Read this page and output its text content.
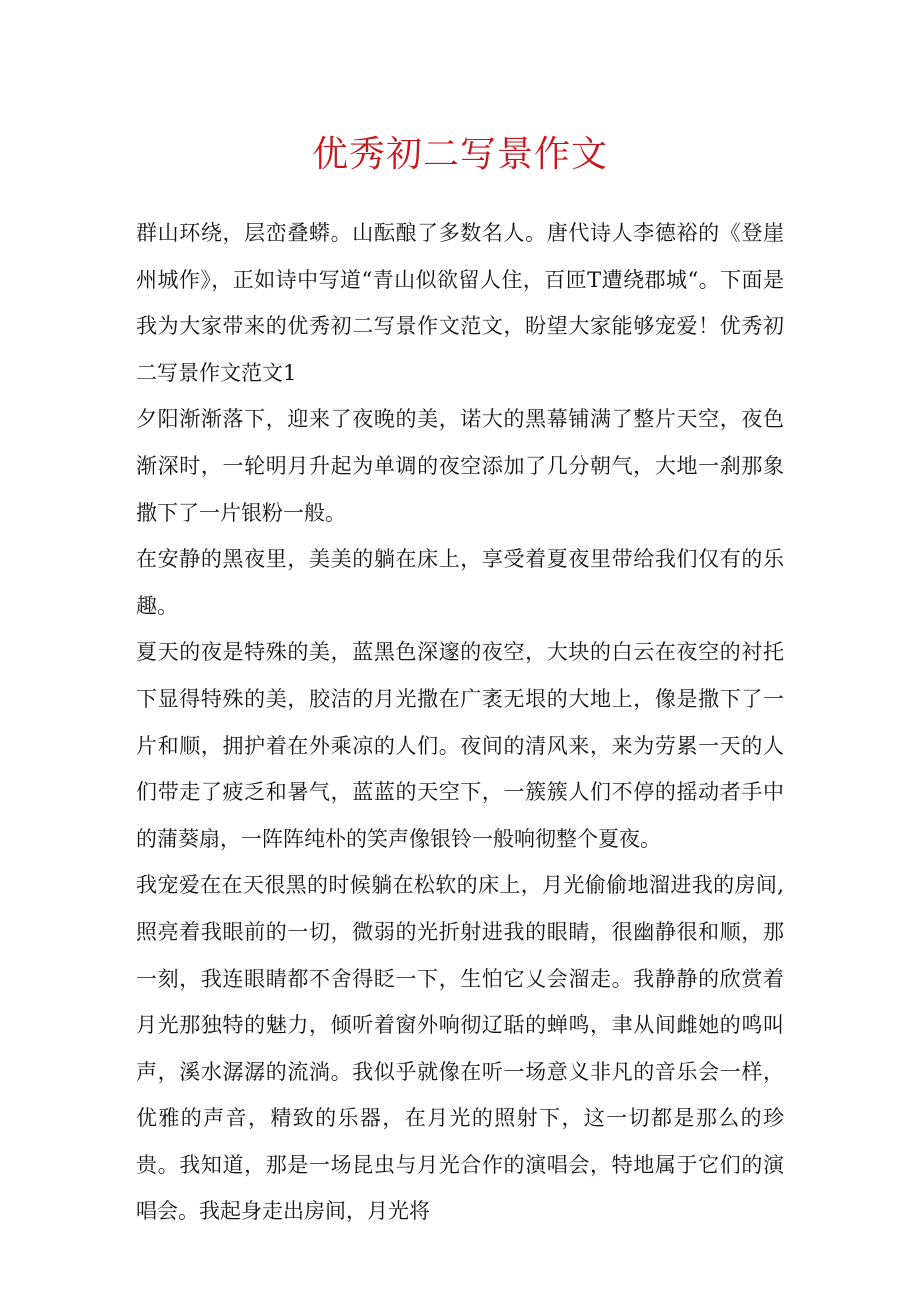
优秀初二写景作文

群山环绕，层峦叠蟒。山酝酿了多数名人。唐代诗人李德裕的《登崖州城作》，正如诗中写道“青山似欲留人住，百匝T遭绕郡城“。下面是我为大家带来的优秀初二写景作文范文，盼望大家能够宠爱！优秀初二写景作文范文1

夕阳渐渐落下，迎来了夜晚的美，诺大的黑幕铺满了整片天空，夜色渐深时，一轮明月升起为单调的夜空添加了几分朝气，大地一刹那象撒下了一片银粉一般。

在安静的黑夜里，美美的躺在床上，享受着夏夜里带给我们仅有的乐趣。

夏天的夜是特殊的美，蓝黑色深邃的夜空，大块的白云在夜空的衬托下显得特殊的美，胶洁的月光撒在广袤无垠的大地上，像是撒下了一片和顺，拥护着在外乘凉的人们。夜间的清风来，来为劳累一天的人们带走了疲乏和暑气，蓝蓝的天空下，一簇簇人们不停的摇动者手中的蒲葵扇，一阵阵纯朴的笑声像银铃一般响彻整个夏夜。

我宠爱在在天很黑的时候躺在松软的床上，月光偷偷地溜进我的房间,照亮着我眼前的一切，微弱的光折射进我的眼睛，很幽静很和顺，那一刻，我连眼睛都不舍得眨一下，生怕它乂会溜走。我静静的欣赏着月光那独特的魅力，倾听着窗外响彻辽聒的蝉鸣，聿从间雌她的鸣叫声，溪水潺潺的流淌。我似乎就像在听一场意义非凡的音乐会一样，优雅的声音，精致的乐器，在月光的照射下，这一切都是那么的珍贵。我知道，那是一场昆虫与月光合作的演唱会，特地属于它们的演唱会。我起身走出房间，月光将
